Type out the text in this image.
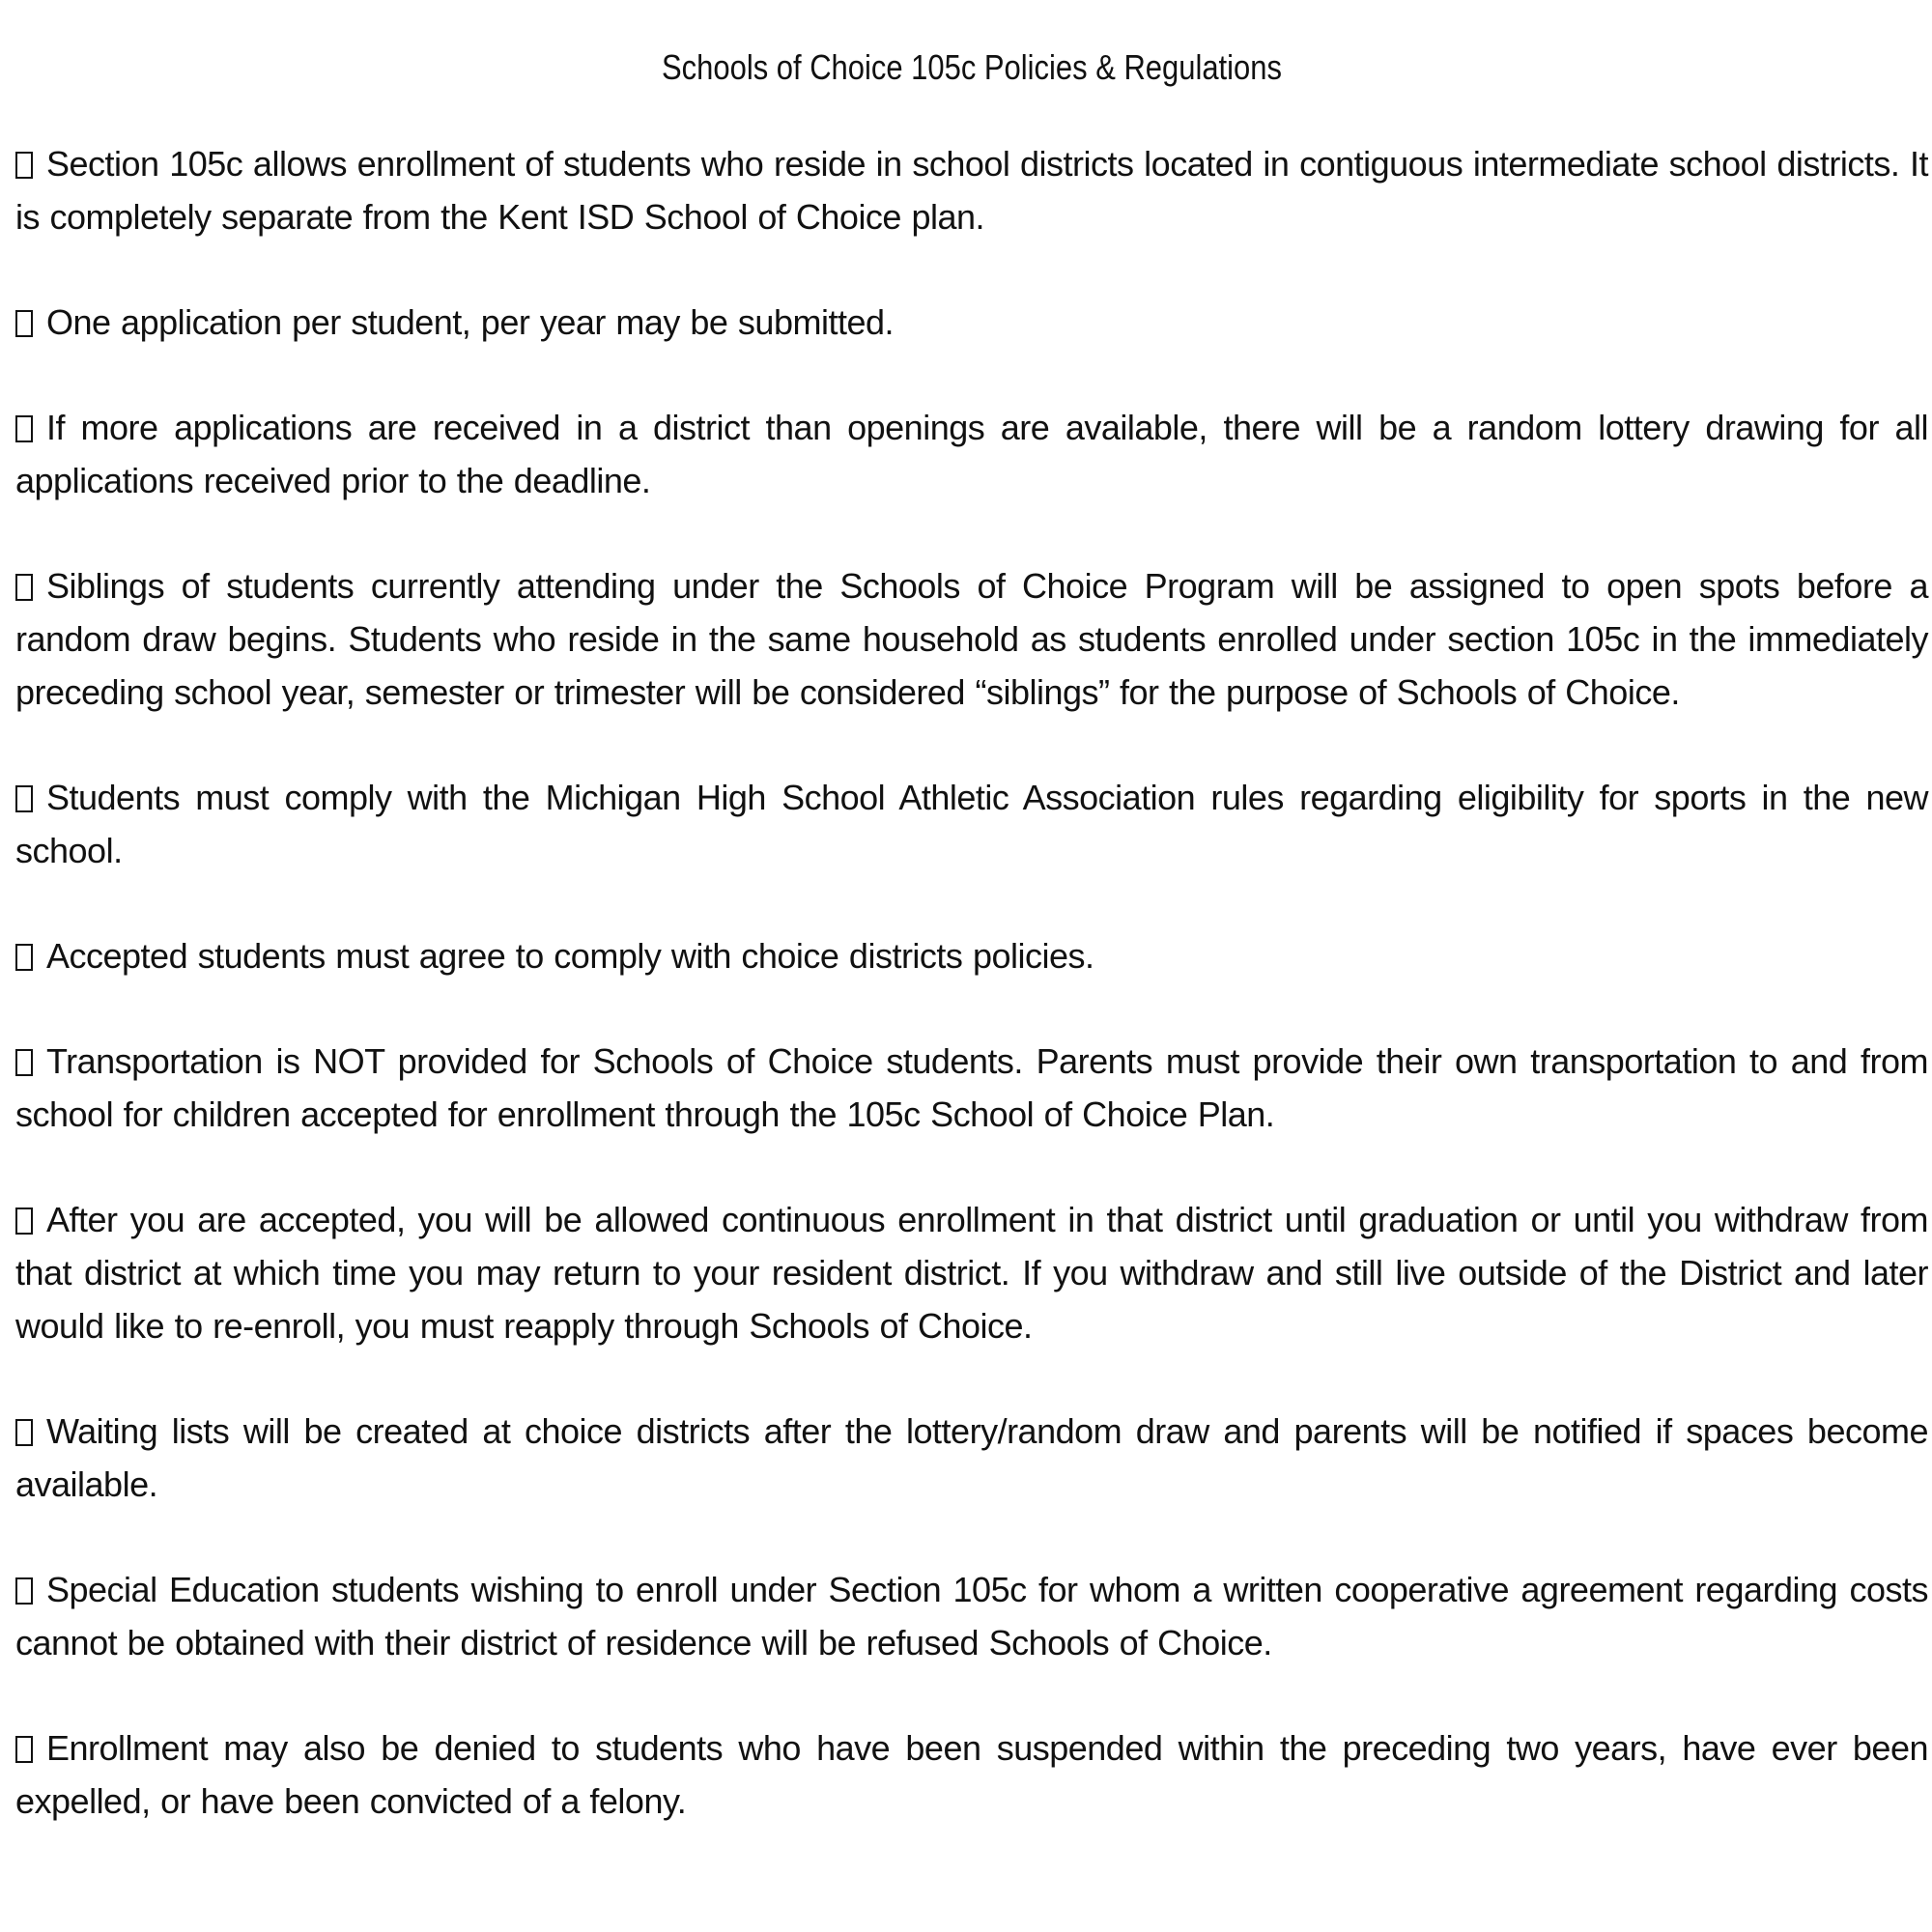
Schools of Choice 105c Policies & Regulations
Section 105c allows enrollment of students who reside in school districts located in contiguous intermediate school districts. It is completely separate from the Kent ISD School of Choice plan.
One application per student, per year may be submitted.
If more applications are received in a district than openings are available, there will be a random lottery drawing for all applications received prior to the deadline.
Siblings of students currently attending under the Schools of Choice Program will be assigned to open spots before a random draw begins. Students who reside in the same household as students enrolled under section 105c in the immediately preceding school year, semester or trimester will be considered “siblings” for the purpose of Schools of Choice.
Students must comply with the Michigan High School Athletic Association rules regarding eligibility for sports in the new school.
Accepted students must agree to comply with choice districts policies.
Transportation is NOT provided for Schools of Choice students. Parents must provide their own transportation to and from school for children accepted for enrollment through the 105c School of Choice Plan.
After you are accepted, you will be allowed continuous enrollment in that district until graduation or until you withdraw from that district at which time you may return to your resident district. If you withdraw and still live outside of the District and later would like to re-enroll, you must reapply through Schools of Choice.
Waiting lists will be created at choice districts after the lottery/random draw and parents will be notified if spaces become available.
Special Education students wishing to enroll under Section 105c for whom a written cooperative agreement regarding costs cannot be obtained with their district of residence will be refused Schools of Choice.
Enrollment may also be denied to students who have been suspended within the preceding two years, have ever been expelled, or have been convicted of a felony.
